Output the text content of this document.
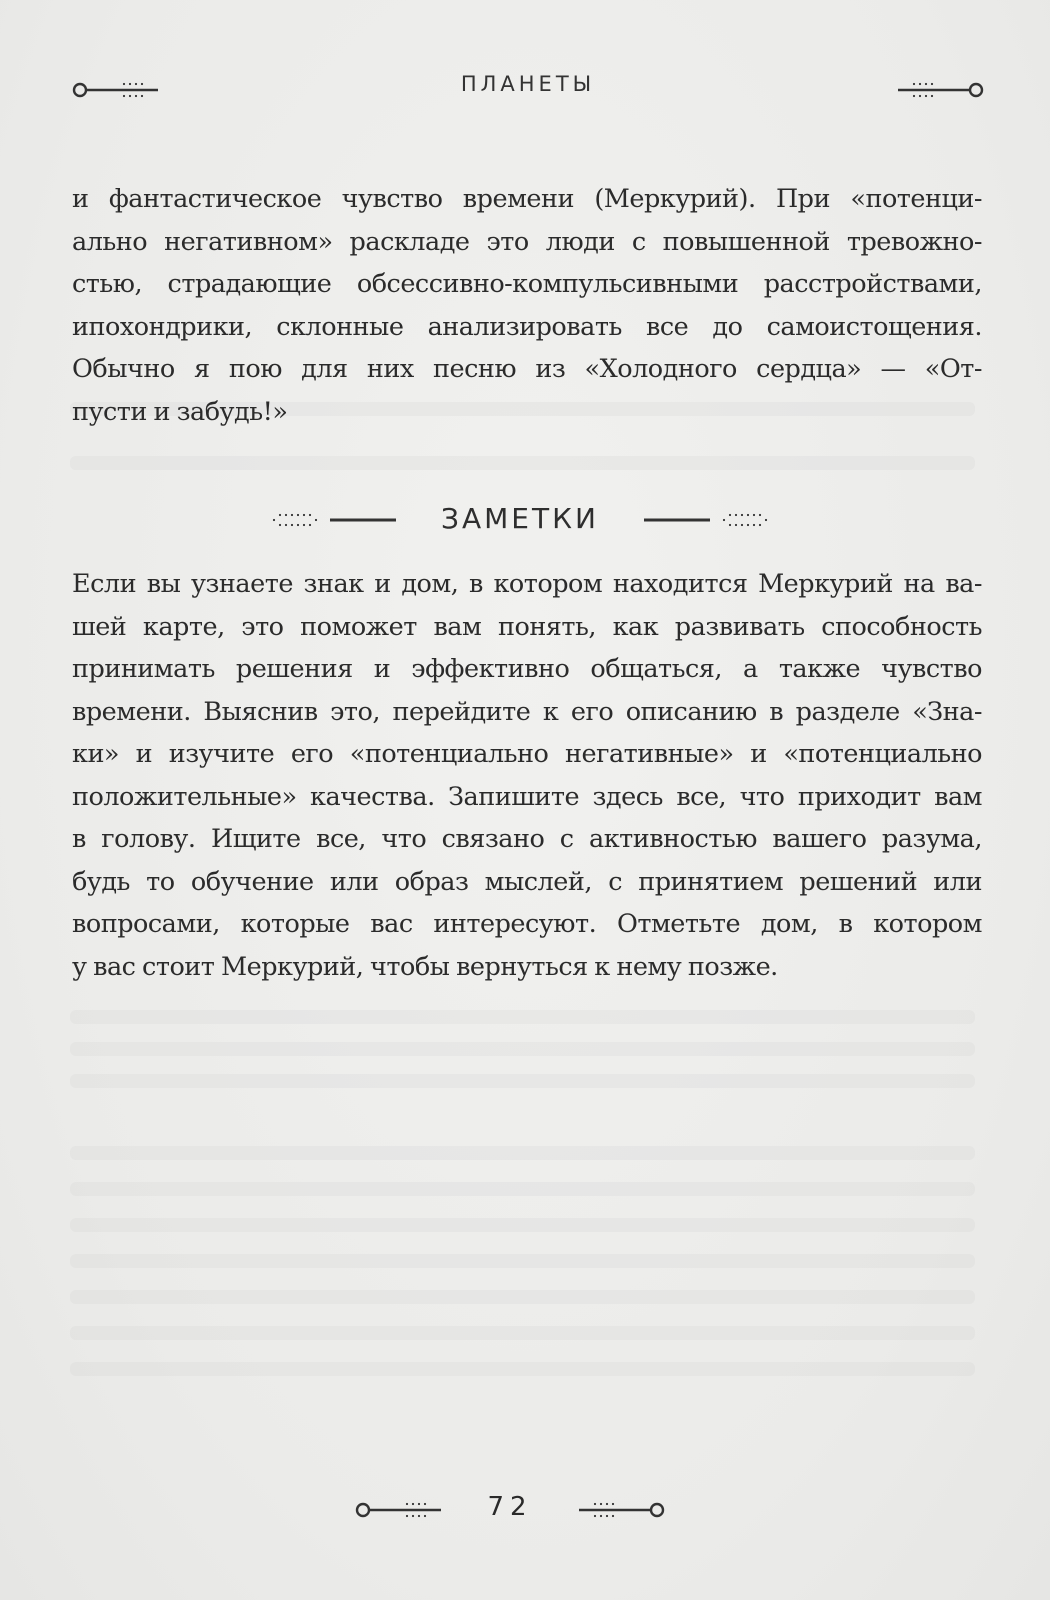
ПЛАНЕТЫ
и фантастическое чувство времени (Меркурий). При «потенци-
ально негативном» раскладе это люди с повышенной тревожно-
стью, страдающие обсессивно-компульсивными расстройствами,
ипохондрики, склонные анализировать все до самоистощения.
Обычно я пою для них песню из «Холодного сердца» — «От-
пусти и забудь!»
ЗАМЕТКИ
Если вы узнаете знак и дом, в котором находится Меркурий на ва-
шей карте, это поможет вам понять, как развивать способность
принимать решения и эффективно общаться, а также чувство
времени. Выяснив это, перейдите к его описанию в разделе «Зна-
ки» и изучите его «потенциально негативные» и «потенциально
положительные» качества. Запишите здесь все, что приходит вам
в голову. Ищите все, что связано с активностью вашего разума,
будь то обучение или образ мыслей, с принятием решений или
вопросами, которые вас интересуют. Отметьте дом, в котором
у вас стоит Меркурий, чтобы вернуться к нему позже.
72
